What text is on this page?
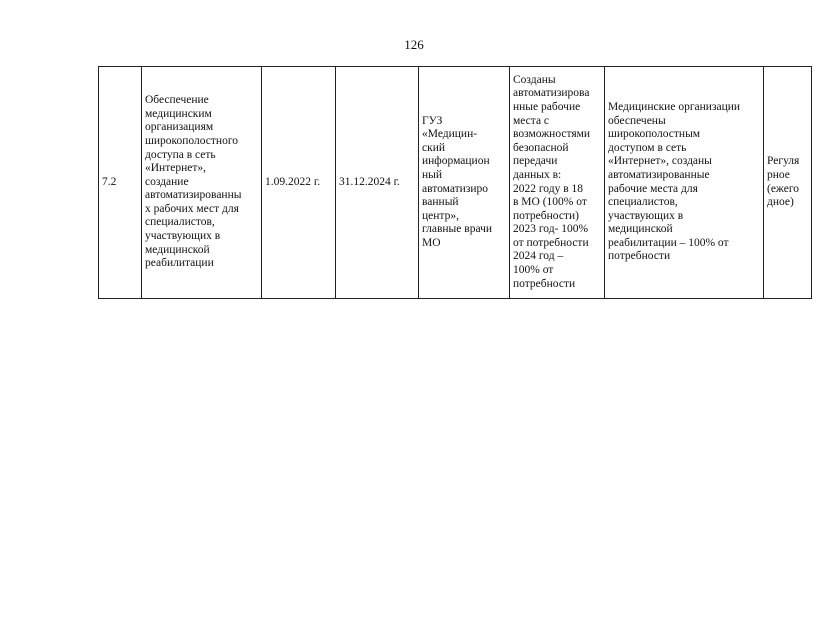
126
7.2

Обеспечение
медицинским
организациям
широкополостного
доступа в сеть
«Интернет»,
создание
автоматизированны
х рабочих мест для
специалистов,
участвующих в
медицинской
реабилитации

1.09.2022 г.	31.12.2024 г.

ГУЗ
«Медицин-
ский
информацион
ный
автоматизиро
ванный
центр»,
главные врачи
МО

Созданы
автоматизирова
нные рабочие
места с
возможностями
безопасной
передачи
данных в:
2022 году в 18
в МО (100% от
потребности)
2023 год- 100%
от потребности
2024 год –
100% от
потребности

Медицинские организации
обеспечены
широкополостным
доступом в сеть
«Интернет», созданы
автоматизированные
рабочие места для
специалистов,
участвующих в
медицинской
реабилитации – 100% от
потребности

Регуля
рное
(ежего
дное)
